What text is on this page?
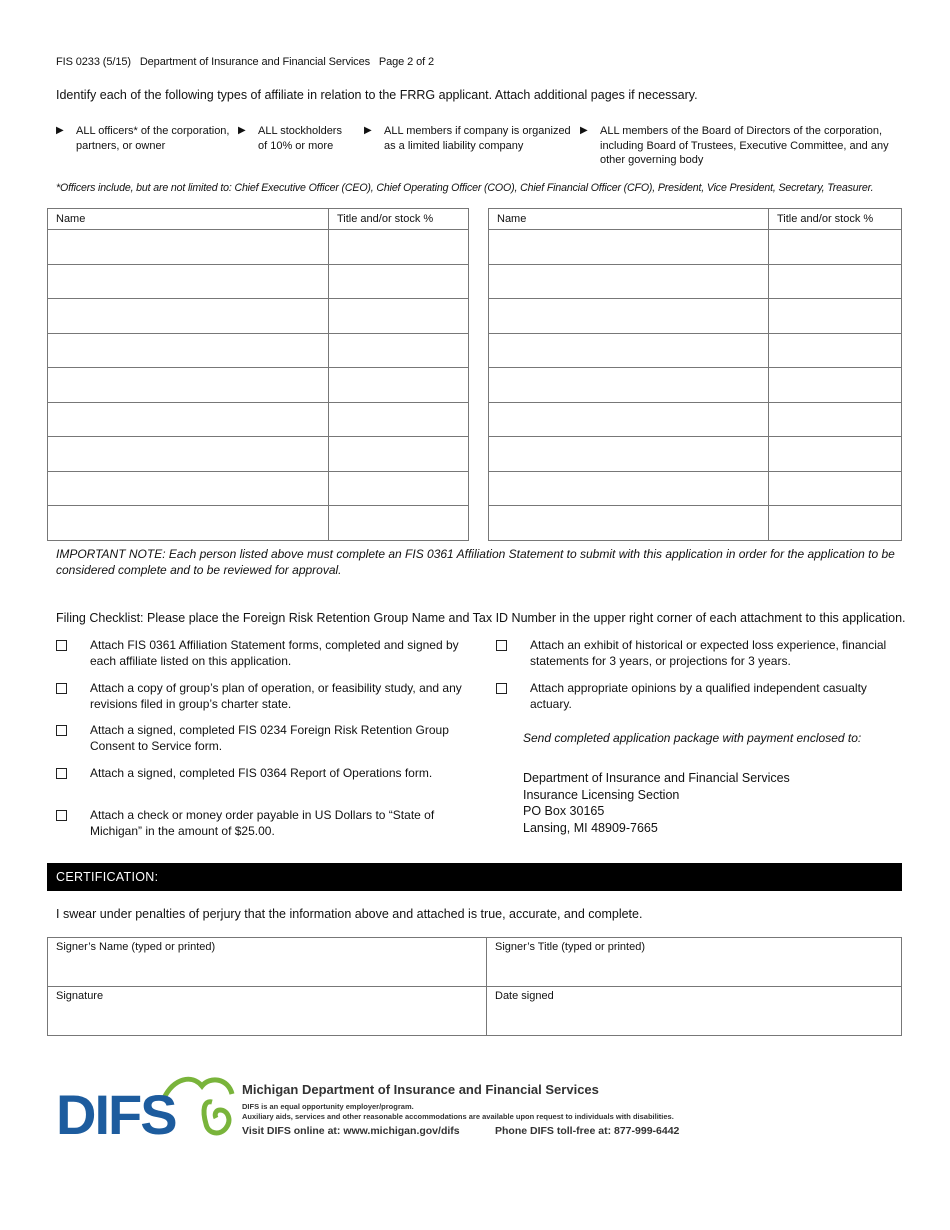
FIS 0233 (5/15) Department of Insurance and Financial Services Page 2 of 2
Identify each of the following types of affiliate in relation to the FRRG applicant. Attach additional pages if necessary.
▶ ALL officers* of the corporation,
partners, or owner
▶ ALL stockholders
of 10% or more
▶ ALL members if company is organized
as a limited liability company
▶ ALL members of the Board of Directors of the corporation,
including Board of Trustees, Executive Committee, and any
other governing body
*Officers include, but are not limited to: Chief Executive Officer (CEO), Chief Operating Officer (COO), Chief Financial Officer (CFO), President, Vice President, Secretary, Treasurer.
Name	Title and/or stock %

		Name	Title and/or stock %

IMPORTANT NOTE: Each person listed above must complete an FIS 0361 Affiliation Statement to submit with this application in order for the application to be considered complete and to be reviewed for approval.
Filing Checklist: Please place the Foreign Risk Retention Group Name and Tax ID Number in the upper right corner of each attachment to this application.
Attach FIS 0361 Affiliation Statement forms, completed and signed by
each affiliate listed on this application.
Attach a copy of group’s plan of operation, or feasibility study, and any
revisions filed in group’s charter state.
Attach a signed, completed FIS 0234 Foreign Risk Retention Group
Consent to Service form.
Attach a signed, completed FIS 0364 Report of Operations form.
Attach a check or money order payable in US Dollars to “State of
Michigan” in the amount of $25.00.
Attach an exhibit of historical or expected loss experience, financial
statements for 3 years, or projections for 3 years.
Attach appropriate opinions by a qualified independent casualty
actuary.
Send completed application package with payment enclosed to:
Department of Insurance and Financial Services
Insurance Licensing Section
PO Box 30165
Lansing, MI 48909-7665
CERTIFICATION:
I swear under penalties of perjury that the information above and attached is true, accurate, and complete.
Signer’s Name (typed or printed)	Signer’s Title (typed or printed)
Signature	Date signed
DIFS	Michigan Department of Insurance and Financial Services
DIFS is an equal opportunity employer/program.
Auxiliary aids, services and other reasonable accommodations are available upon request to individuals with disabilities.
Visit DIFS online at: www.michigan.gov/difs	Phone DIFS toll-free at: 877-999-6442
